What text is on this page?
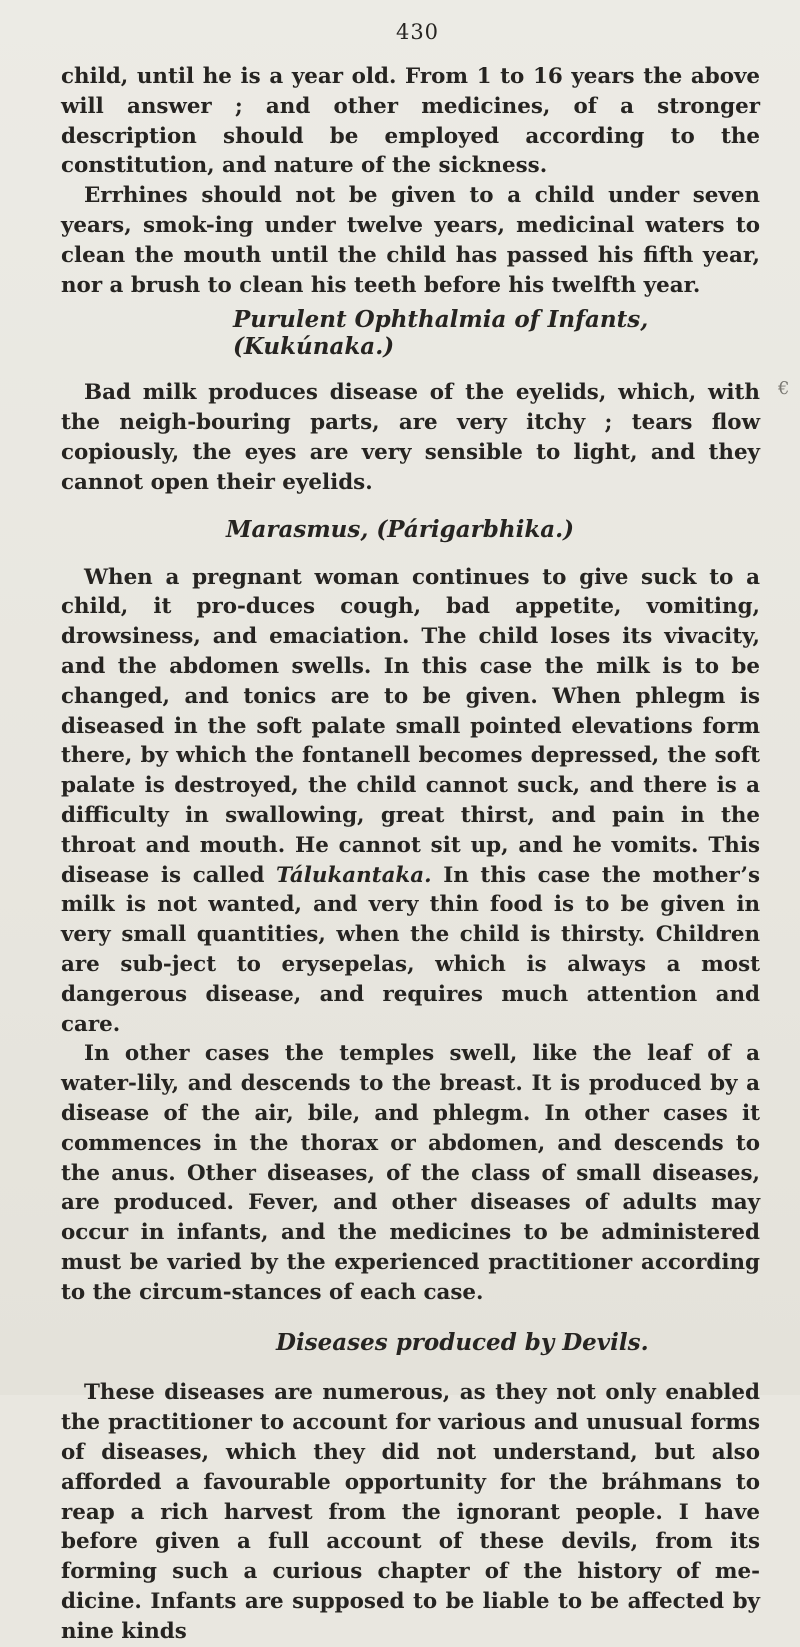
430

child, until he is a year old. From 1 to 16 years the above will answer ; and other medicines, of a stronger description should be employed according to the constitution, and nature of the sickness.

Errhines should not be given to a child under seven years, smok-ing under twelve years, medicinal waters to clean the mouth until the child has passed his fifth year, nor a brush to clean his teeth before his twelfth year.

Purulent Ophthalmia of Infants, (Kukúnaka.)

Bad milk produces disease of the eyelids, which, with the neigh-bouring parts, are very itchy ; tears flow copiously, the eyes are very sensible to light, and they cannot open their eyelids.

Marasmus, (Párigarbhika.)

When a pregnant woman continues to give suck to a child, it pro-duces cough, bad appetite, vomiting, drowsiness, and emaciation. The child loses its vivacity, and the abdomen swells. In this case the milk is to be changed, and tonics are to be given. When phlegm is diseased in the soft palate small pointed elevations form there, by which the fontanell becomes depressed, the soft palate is destroyed, the child cannot suck, and there is a difficulty in swallowing, great thirst, and pain in the throat and mouth. He cannot sit up, and he vomits. This disease is called Tálukantaka. In this case the mother’s milk is not wanted, and very thin food is to be given in very small quantities, when the child is thirsty. Children are sub-ject to erysepelas, which is always a most dangerous disease, and requires much attention and care.

In other cases the temples swell, like the leaf of a water-lily, and descends to the breast. It is produced by a disease of the air, bile, and phlegm. In other cases it commences in the thorax or abdomen, and descends to the anus. Other diseases, of the class of small diseases, are produced. Fever, and other diseases of adults may occur in infants, and the medicines to be administered must be varied by the experienced practitioner according to the circum-stances of each case.

Diseases produced by Devils.

These diseases are numerous, as they not only enabled the practitioner to account for various and unusual forms of diseases, which they did not understand, but also afforded a favourable opportunity for the bráhmans to reap a rich harvest from the ignorant people. I have before given a full account of these devils, from its forming such a curious chapter of the history of me-dicine. Infants are supposed to be liable to be affected by nine kinds

€
